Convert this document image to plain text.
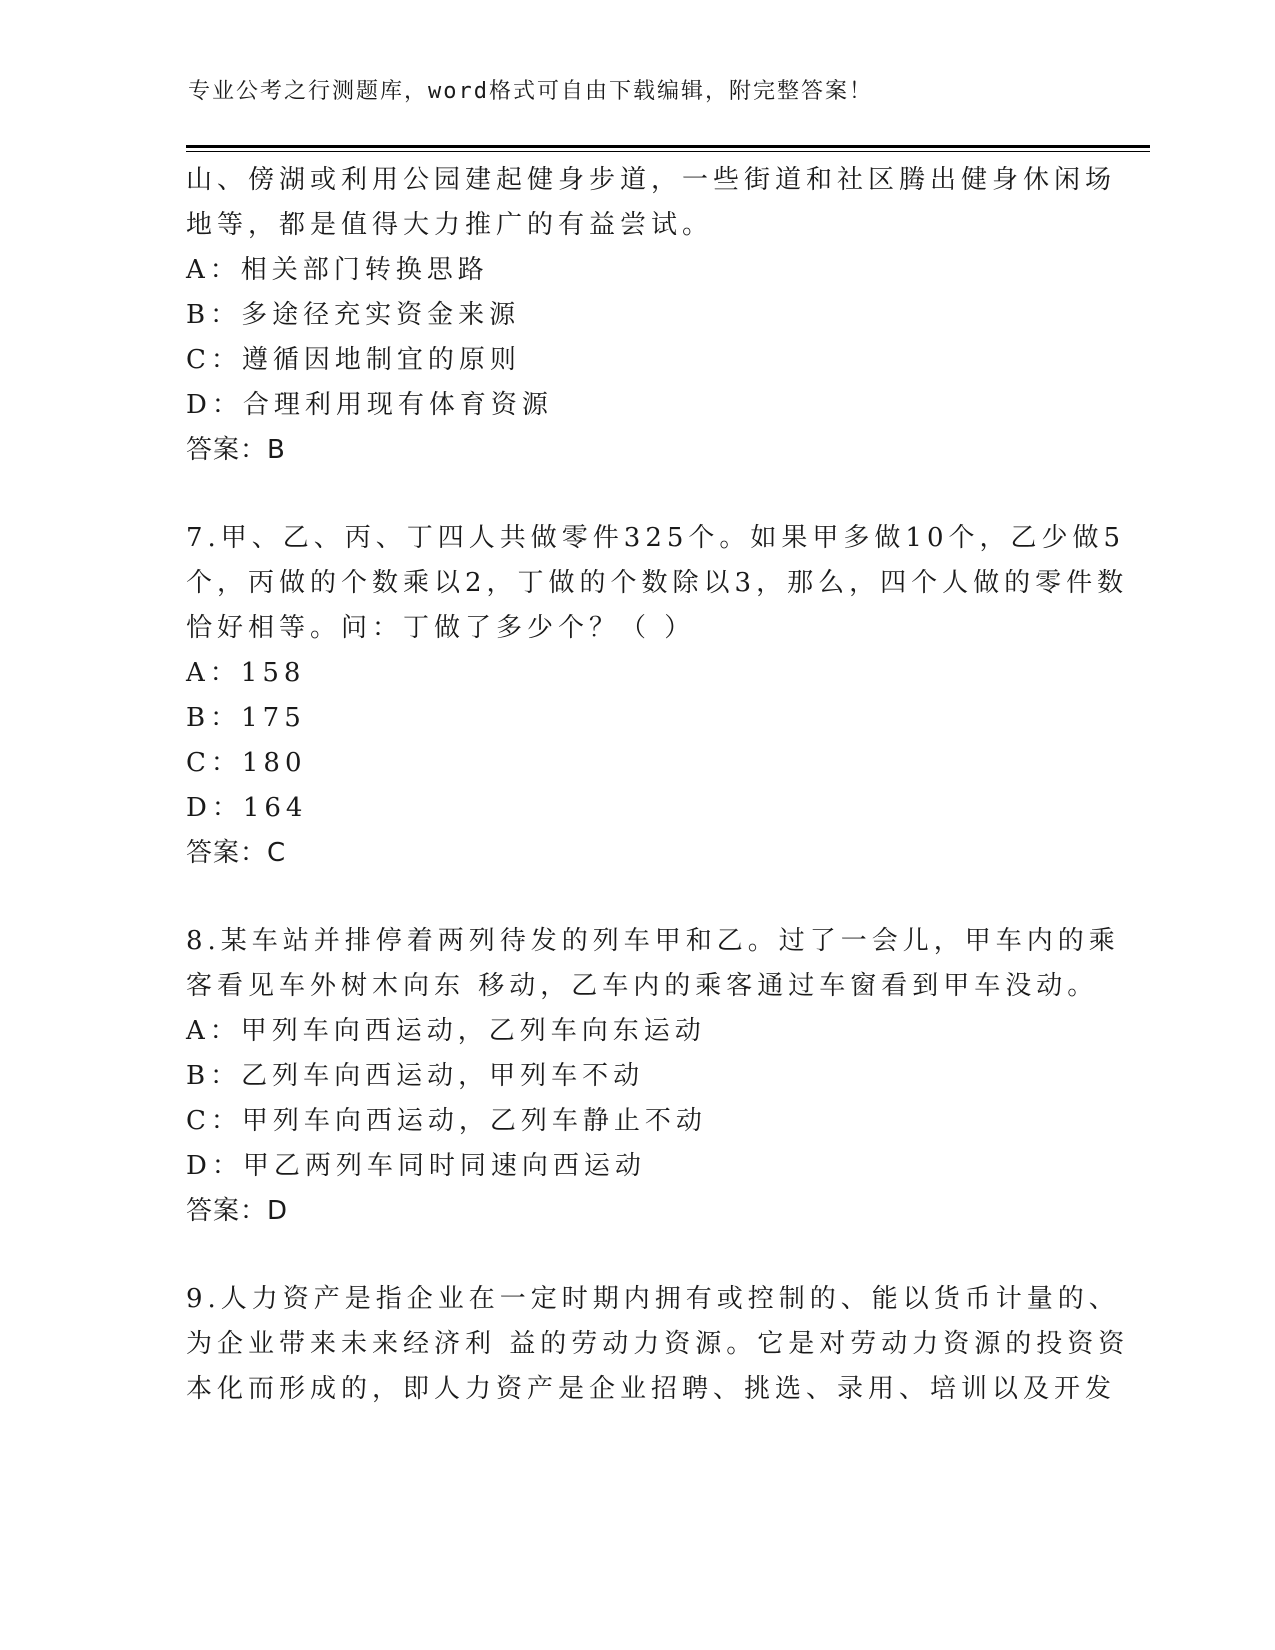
专业公考之行测题库，word格式可自由下载编辑，附完整答案！

山、傍湖或利用公园建起健身步道，一些街道和社区腾出健身休闲场

地等，都是值得大力推广的有益尝试。

A：相关部门转换思路

B：多途径充实资金来源

C：遵循因地制宜的原则

D：合理利用现有体育资源

答案：B

7.甲、乙、丙、丁四人共做零件325个。如果甲多做10个，乙少做5

个，丙做的个数乘以2，丁做的个数除以3，那么，四个人做的零件数

恰好相等。问：丁做了多少个？（ ）

A：158

B：175

C：180

D：164

答案：C

8.某车站并排停着两列待发的列车甲和乙。过了一会儿，甲车内的乘

客看见车外树木向东 移动，乙车内的乘客通过车窗看到甲车没动。

A：甲列车向西运动，乙列车向东运动

B：乙列车向西运动，甲列车不动

C：甲列车向西运动，乙列车静止不动

D：甲乙两列车同时同速向西运动

答案：D

9.人力资产是指企业在一定时期内拥有或控制的、能以货币计量的、

为企业带来未来经济利 益的劳动力资源。它是对劳动力资源的投资资

本化而形成的，即人力资产是企业招聘、挑选、录用、培训以及开发
